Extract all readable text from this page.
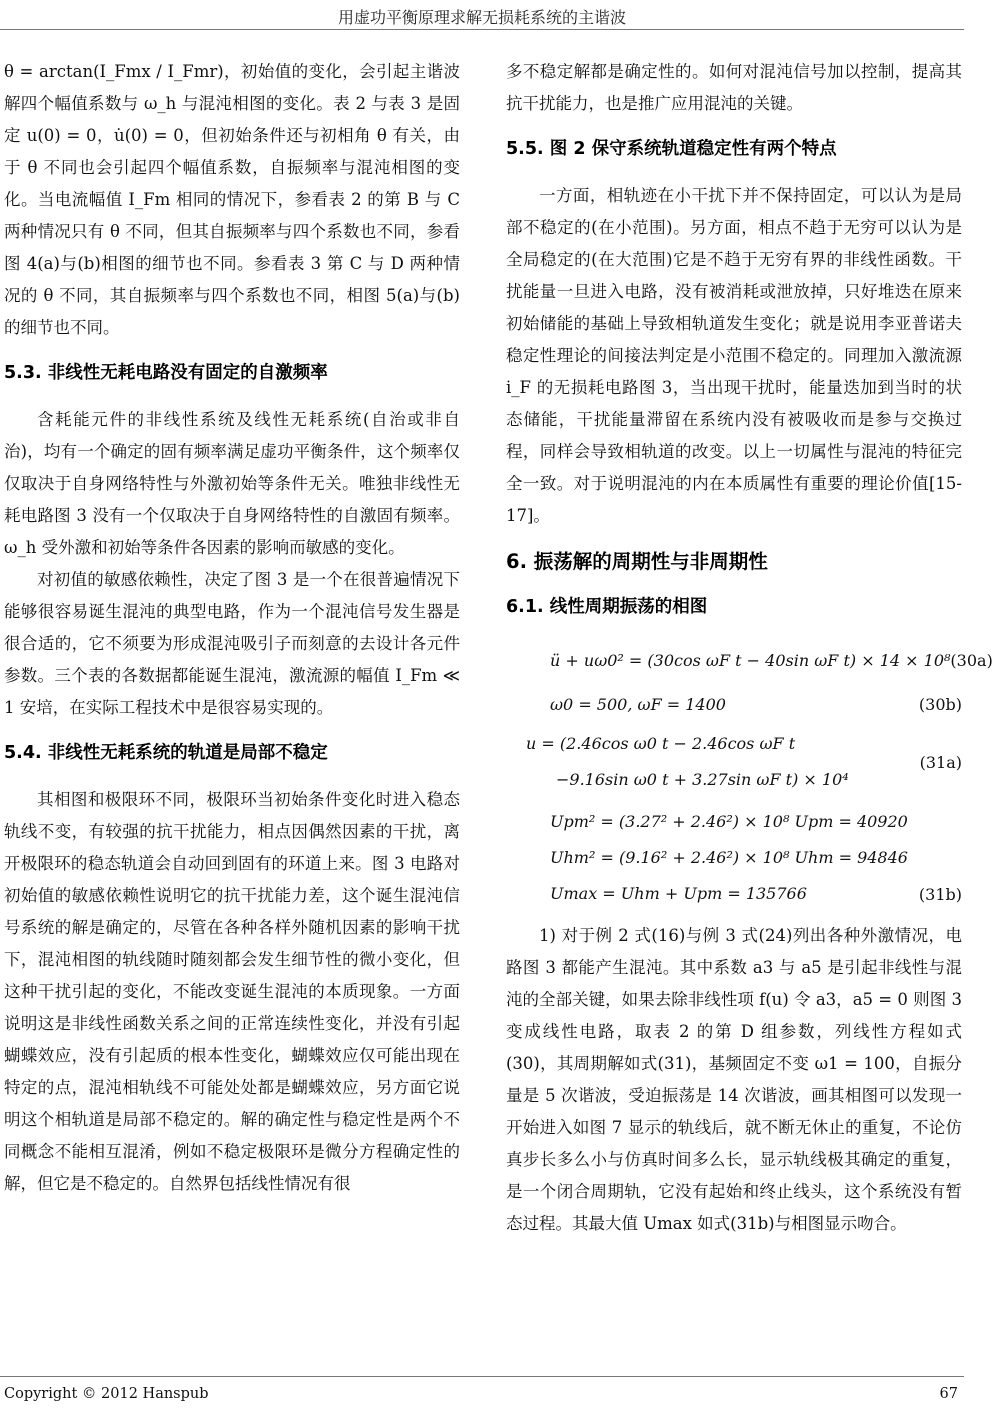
用虚功平衡原理求解无损耗系统的主谐波

θ = arctan(I_Fmx / I_Fmr)，初始值的变化，会引起主谐波解四个幅值系数与 ω_h 与混沌相图的变化。表 2 与表 3 是固定 u(0) = 0，u̇(0) = 0，但初始条件还与初相角 θ 有关，由于 θ 不同也会引起四个幅值系数，自振频率与混沌相图的变化。当电流幅值 I_Fm 相同的情况下，参看表 2 的第 B 与 C 两种情况只有 θ 不同，但其自振频率与四个系数也不同，参看图 4(a)与(b)相图的细节也不同。参看表 3 第 C 与 D 两种情况的 θ 不同，其自振频率与四个系数也不同，相图 5(a)与(b)的细节也不同。

5.3. 非线性无耗电路没有固定的自激频率

含耗能元件的非线性系统及线性无耗系统(自治或非自治)，均有一个确定的固有频率满足虚功平衡条件，这个频率仅仅取决于自身网络特性与外激初始等条件无关。唯独非线性无耗电路图 3 没有一个仅取决于自身网络特性的自激固有频率。ω_h 受外激和初始等条件各因素的影响而敏感的变化。

对初值的敏感依赖性，决定了图 3 是一个在很普遍情况下能够很容易诞生混沌的典型电路，作为一个混沌信号发生器是很合适的，它不须要为形成混沌吸引子而刻意的去设计各元件参数。三个表的各数据都能诞生混沌，激流源的幅值 I_Fm ≪ 1 安培，在实际工程技术中是很容易实现的。

5.4. 非线性无耗系统的轨道是局部不稳定

其相图和极限环不同，极限环当初始条件变化时进入稳态轨线不变，有较强的抗干扰能力，相点因偶然因素的干扰，离开极限环的稳态轨道会自动回到固有的环道上来。图 3 电路对初始值的敏感依赖性说明它的抗干扰能力差，这个诞生混沌信号系统的解是确定的，尽管在各种各样外随机因素的影响干扰下，混沌相图的轨线随时随刻都会发生细节性的微小变化，但这种干扰引起的变化，不能改变诞生混沌的本质现象。一方面说明这是非线性函数关系之间的正常连续性变化，并没有引起蝴蝶效应，没有引起质的根本性变化，蝴蝶效应仅可能出现在特定的点，混沌相轨线不可能处处都是蝴蝶效应，另方面它说明这个相轨道是局部不稳定的。解的确定性与稳定性是两个不同概念不能相互混淆，例如不稳定极限环是微分方程确定性的解，但它是不稳定的。自然界包括线性情况有很

多不稳定解都是确定性的。如何对混沌信号加以控制，提高其抗干扰能力，也是推广应用混沌的关键。

5.5. 图 2 保守系统轨道稳定性有两个特点

一方面，相轨迹在小干扰下并不保持固定，可以认为是局部不稳定的(在小范围)。另方面，相点不趋于无穷可以认为是全局稳定的(在大范围)它是不趋于无穷有界的非线性函数。干扰能量一旦进入电路，没有被消耗或泄放掉，只好堆迭在原来初始储能的基础上导致相轨道发生变化；就是说用李亚普诺夫稳定性理论的间接法判定是小范围不稳定的。同理加入激流源 i_F 的无损耗电路图 3，当出现干扰时，能量迭加到当时的状态储能，干扰能量滞留在系统内没有被吸收而是参与交换过程，同样会导致相轨道的改变。以上一切属性与混沌的特征完全一致。对于说明混沌的内在本质属性有重要的理论价值[15-17]。

6. 振荡解的周期性与非周期性
6.1. 线性周期振荡的相图
ü + uω0² = (30cos ωF t − 40sin ωF t) × 14 × 10⁸ (30a)
ω0 = 500, ωF = 1400	(30b)
u = (2.46cos ω0 t − 2.46cos ωF t
−9.16sin ω0 t + 3.27sin ωF t) × 10⁴
(31a)
Upm² = (3.27² + 2.46²) × 10⁸ Upm = 40920
Uhm² = (9.16² + 2.46²) × 10⁸ Uhm = 94846
Umax = Uhm + Upm = 135766	(31b)

1) 对于例 2 式(16)与例 3 式(24)列出各种外激情况，电路图 3 都能产生混沌。其中系数 a3 与 a5 是引起非线性与混沌的全部关键，如果去除非线性项 f(u) 令 a3，a5 = 0 则图 3 变成线性电路，取表 2 的第 D 组参数，列线性方程如式(30)，其周期解如式(31)，基频固定不变 ω1 = 100，自振分量是 5 次谐波，受迫振荡是 14 次谐波，画其相图可以发现一开始进入如图 7 显示的轨线后，就不断无休止的重复，不论仿真步长多么小与仿真时间多么长，显示轨线极其确定的重复，是一个闭合周期轨，它没有起始和终止线头，这个系统没有暂态过程。其最大值 Umax 如式(31b)与相图显示吻合。

Copyright © 2012 Hanspub	67
